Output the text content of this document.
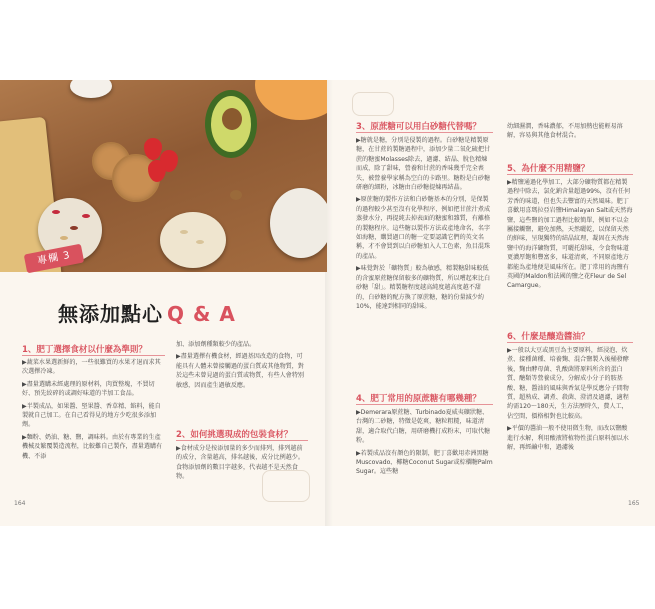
專欄 3
無添加點心 Q & A
1、肥丁選擇食材以什麼為準則？

▶蔬菜水果選新鮮的，一些很難買的水果才退而求其次選擇冷凍。

▶盡量選購未經處理的原材料，肉買整塊，不買切好、預先絞碎的或調好味道的半加工食品。

▶半製成品，如果醬、堅果醬、香草精、餡料，能自製就自己加工。在自己看得見的地方少吃很多添加劑。

▶麵粉、奶油、糖、鹽，調味料。由於有專業的生產機械及繁覆製造流程，比較難自己製作，盡量選購有機、不添

加、添加劑種類較少的產品。

▶盡量選擇有機食材，經過基因改造的食物，可能具有人體未曾接觸過的蛋白質或其他物質，對於這些未曾見過的蛋白質或物質，有些人會特別敏感，因而產生過敏反應。

2、如何挑選現成的包裝食材？

▶食材成分是按添加量的多少而排列，排列越前的成分，含量越高，排名越後，成分比例越少。食物添加劑的數目字越多，代表越不是天然食物。

164
3、原蔗糖可以用白砂糖代替嗎？

▶糖就是糖，分別是侵製的過程。白砂糖是精製原糖，在甘蔗的製糖過程中，添加少量二氧化硫把甘蔗的糖蜜Molasses除去，過濾、結晶、脫色精煉而成，除了甜味，營養和甘蔗的香味幾乎完全喪失，被營養學家稱為空白的卡路里。糖粉是白砂糖研磨的細粉，冰糖由白砂糖提煉再結晶。

▶原蔗糖的製作方法和白砂糖基本的分別，是保製的過程較少甚至沒有化學程序，例如把甘蔗汁煮成蒸發水分，再提純去掉表面的糖蜜和雜質，有離格的製糖程序。這些糖以製作方法或產地命名，名字如海糖，購買過口的糖一定要認識它們的英文名稱，才不會買到以白砂糖加入人工色素，魚目混珠的產品。

▶味覺對於「礦物質」較為敏感，精製糖甜味較低的含蜜原蔗糖保留較多的礦物質，所以嚐起來比白砂糖「甜」。精製糖程度越高純度越高度越不甜的，白砂糖的配方換了原蔗糖，糖的份量減少約10%，能達到相同的甜味。

4、肥丁常用的原蔗糖有哪幾種？

▶Demerara原蔗糖、Turbinado夏威夷礦狀糖、台灣的二砂糖，特徵是乾爽，糖粒粗糙，味道淸甜，適合取代白糖，用研磨機打成粉末，可取代糖粉。

▶若製成品沒有顏色的限制，肥丁喜歡用赤洲黑糖Muscovado、椰糖Coconut Sugar或棕櫚糖Palm Sugar。這些糖

幼細濕潤，香味濃郁，不用加熱也能輕易溶解，容易與其他食材混合。

5、為什麼不用精鹽？

▶精鹽通過化學加工，大部分礦物質都在精製過程中除去，氯化鈉含量超過99%，沒有任何芳香的味道，但也失去豐富的天然風味。肥丁喜歡用喜瑪拉亞岩鹽Himalayan Salt或天然海鹽，這些鹽的加工過程比較簡單，例如不以金屬接觸鹽，避免加熱，天然曬乾，以保留天然的鮮味，呈現獨特的結晶紋理，凝固在天然海鹽中的海洋礦物質，可曬托甜味，令食物味道更濃厚飽和豐富多，味道清爽，不同原產地方都能為產地便是風味所在。肥丁常用的海鹽有英國的Maldon和法國的鹽之花Fleur de Sel Camargue。

6、什麼是釀造醬油？

▶一般以大豆或黑豆為主要原料，經浸泡、炊煮、接種菌種、培養麴、混合鹽製入後桶發酵後，麴由酵母菌、乳酸菌將原料所含的蛋白質、醣類等營養成分，分解成小分子的胺基酸、糖，醬油的風味與香氣是學反應分子間物質，超熟成、調煮、殺菌、澄清及過濾，適程約需120～180天，生方法歷時久，費人工，佔空間，價格相對也比較高。

▶平價的醬油一般不使用微生物，而改以鹽酸進行水解，利用酸液將植物性蛋白原料加以水解，再經鹼中和，過濾後

165
